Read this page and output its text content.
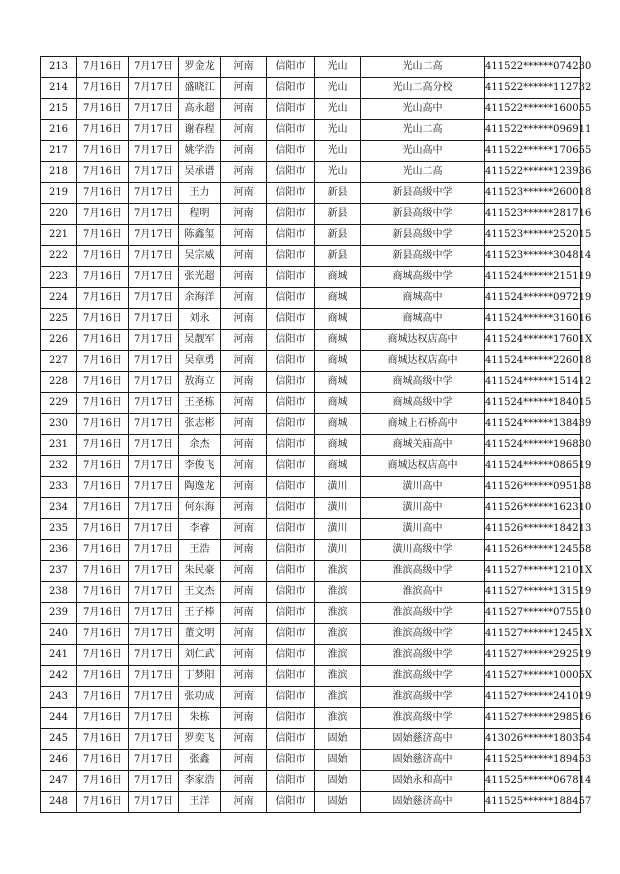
213	7月16日	7月17日	罗金龙	河南	信阳市	光山	光山二高	411522******074230
214	7月16日	7月17日	盛晓江	河南	信阳市	光山	光山二高分校	411522******112732
215	7月16日	7月17日	高永超	河南	信阳市	光山	光山高中	411522******160055
216	7月16日	7月17日	谢春程	河南	信阳市	光山	光山二高	411522******096911
217	7月16日	7月17日	姚学浩	河南	信阳市	光山	光山高中	411522******170655
218	7月16日	7月17日	吴承谱	河南	信阳市	光山	光山二高	411522******123936
219	7月16日	7月17日	王力	河南	信阳市	新县	新县高级中学	411523******260018
220	7月16日	7月17日	程明	河南	信阳市	新县	新县高级中学	411523******281716
221	7月16日	7月17日	陈鑫玺	河南	信阳市	新县	新县高级中学	411523******252015
222	7月16日	7月17日	吴宗威	河南	信阳市	新县	新县高级中学	411523******304814
223	7月16日	7月17日	张光超	河南	信阳市	商城	商城高级中学	411524******215119
224	7月16日	7月17日	余海洋	河南	信阳市	商城	商城高中	411524******097219
225	7月16日	7月17日	刘永	河南	信阳市	商城	商城高中	411524******316016
226	7月16日	7月17日	吴靓军	河南	信阳市	商城	商城达权店高中	411524******17601X
227	7月16日	7月17日	吴章勇	河南	信阳市	商城	商城达权店高中	411524******226018
228	7月16日	7月17日	敖海立	河南	信阳市	商城	商城高级中学	411524******151412
229	7月16日	7月17日	王圣栋	河南	信阳市	商城	商城高级中学	411524******184015
230	7月16日	7月17日	张志彬	河南	信阳市	商城	商城上石桥高中	411524******138439
231	7月16日	7月17日	余杰	河南	信阳市	商城	商城关庙高中	411524******196830
232	7月16日	7月17日	李俊飞	河南	信阳市	商城	商城达权店高中	411524******086519
233	7月16日	7月17日	陶逸龙	河南	信阳市	潢川	潢川高中	411526******095138
234	7月16日	7月17日	何东海	河南	信阳市	潢川	潢川高中	411526******162310
235	7月16日	7月17日	李睿	河南	信阳市	潢川	潢川高中	411526******184213
236	7月16日	7月17日	王浩	河南	信阳市	潢川	潢川高级中学	411526******124558
237	7月16日	7月17日	朱民豪	河南	信阳市	淮滨	淮滨高级中学	411527******12101X
238	7月16日	7月17日	王文杰	河南	信阳市	淮滨	淮滨高中	411527******131519
239	7月16日	7月17日	王子棒	河南	信阳市	淮滨	淮滨高级中学	411527******075510
240	7月16日	7月17日	董文明	河南	信阳市	淮滨	淮滨高级中学	411527******12451X
241	7月16日	7月17日	刘仁武	河南	信阳市	淮滨	淮滨高级中学	411527******292519
242	7月16日	7月17日	丁梦阳	河南	信阳市	淮滨	淮滨高级中学	411527******10005X
243	7月16日	7月17日	张功成	河南	信阳市	淮滨	淮滨高级中学	411527******241019
244	7月16日	7月17日	朱栋	河南	信阳市	淮滨	淮滨高级中学	411527******298516
245	7月16日	7月17日	罗奕飞	河南	信阳市	固始	固始慈济高中	413026******180354
246	7月16日	7月17日	张鑫	河南	信阳市	固始	固始慈济高中	411525******189453
247	7月16日	7月17日	李家浩	河南	信阳市	固始	固始永和高中	411525******067814
248	7月16日	7月17日	王洋	河南	信阳市	固始	固始慈济高中	411525******188457
